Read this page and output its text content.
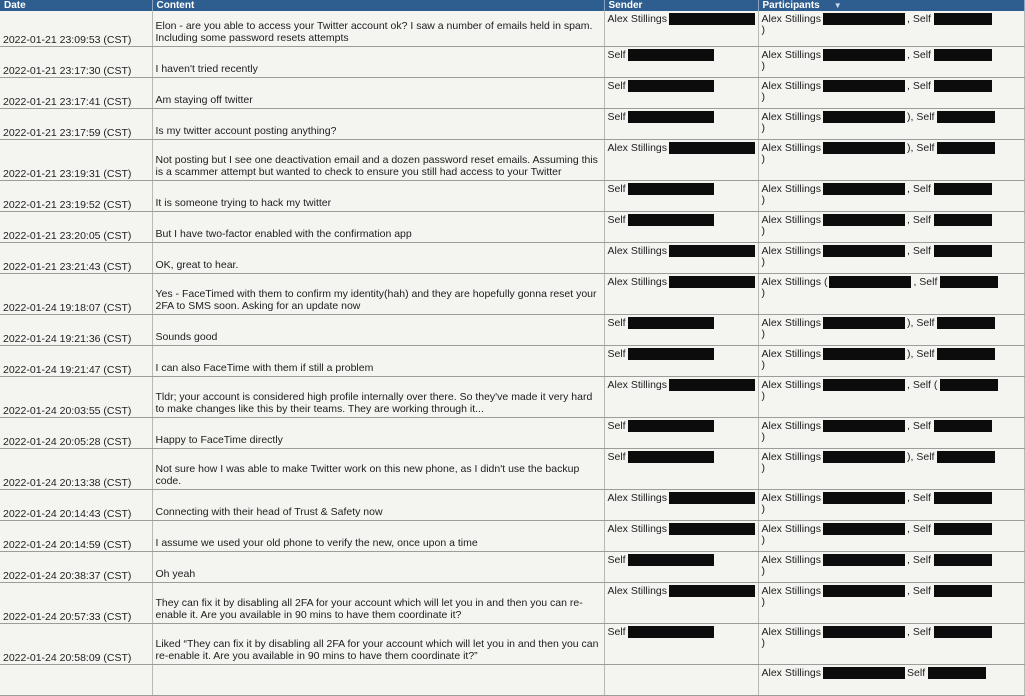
Date	Content	Sender	Participants ▼
2022-01-21 23:09:53 (CST)	Elon - are you able to access your Twitter account ok? I saw a number of emails held in spam. Including some password resets attempts	Alex Stillings	Alex Stillings , Self
)

2022-01-21 23:17:30 (CST)	I haven't tried recently	Self	Alex Stillings , Self
)

2022-01-21 23:17:41 (CST)	Am staying off twitter	Self	Alex Stillings , Self
)

2022-01-21 23:17:59 (CST)	Is my twitter account posting anything?	Self	Alex Stillings ), Self
)

2022-01-21 23:19:31 (CST)	Not posting but I see one deactivation email and a dozen password reset emails. Assuming this is a scammer attempt but wanted to check to ensure you still had access to your Twitter	Alex Stillings	Alex Stillings ), Self
)

2022-01-21 23:19:52 (CST)	It is someone trying to hack my twitter	Self	Alex Stillings , Self
)

2022-01-21 23:20:05 (CST)	But I have two-factor enabled with the confirmation app	Self	Alex Stillings , Self
)

2022-01-21 23:21:43 (CST)	OK, great to hear.	Alex Stillings	Alex Stillings , Self
)

2022-01-24 19:18:07 (CST)	Yes - FaceTimed with them to confirm my identity(hah) and they are hopefully gonna reset your 2FA to SMS soon. Asking for an update now	Alex Stillings	Alex Stillings ( , Self
)

2022-01-24 19:21:36 (CST)	Sounds good	Self	Alex Stillings ), Self
)

2022-01-24 19:21:47 (CST)	I can also FaceTime with them if still a problem	Self	Alex Stillings ), Self
)

2022-01-24 20:03:55 (CST)	Tldr; your account is considered high profile internally over there. So they've made it very hard to make changes like this by their teams. They are working through it...	Alex Stillings	Alex Stillings , Self (
)

2022-01-24 20:05:28 (CST)	Happy to FaceTime directly	Self	Alex Stillings , Self
)

2022-01-24 20:13:38 (CST)	Not sure how I was able to make Twitter work on this new phone, as I didn't use the backup code.	Self	Alex Stillings ), Self
)

2022-01-24 20:14:43 (CST)	Connecting with their head of Trust & Safety now	Alex Stillings	Alex Stillings , Self
)

2022-01-24 20:14:59 (CST)	I assume we used your old phone to verify the new, once upon a time	Alex Stillings	Alex Stillings , Self
)

2022-01-24 20:38:37 (CST)	Oh yeah	Self	Alex Stillings , Self
)

2022-01-24 20:57:33 (CST)	They can fix it by disabling all 2FA for your account which will let you in and then you can re-enable it. Are you available in 90 mins to have them coordinate it?	Alex Stillings	Alex Stillings , Self
)

2022-01-24 20:58:09 (CST)	Liked “They can fix it by disabling all 2FA for your account which will let you in and then you can re-enable it. Are you available in 90 mins to have them coordinate it?”	Self	Alex Stillings , Self
)

			Alex Stillings Self
